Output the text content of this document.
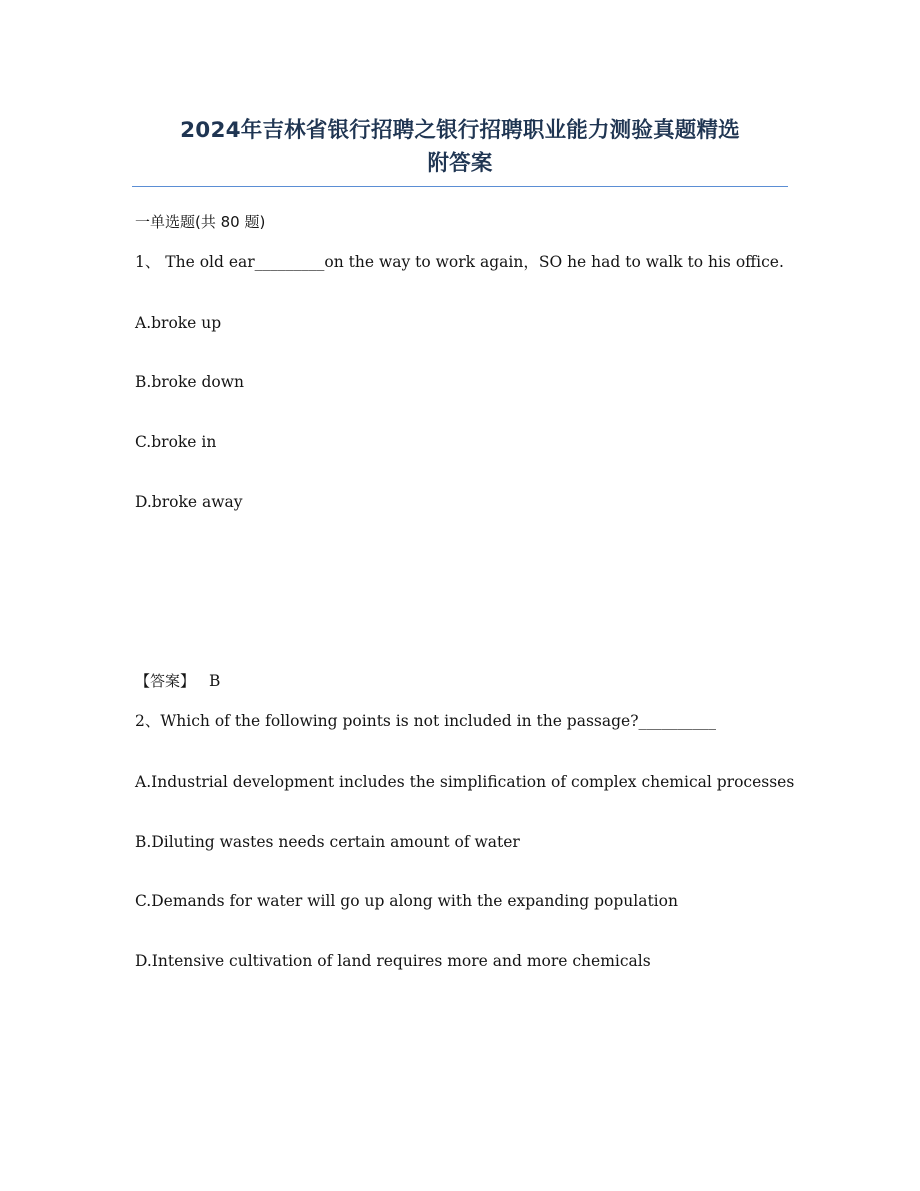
2024年吉林省银行招聘之银行招聘职业能力测验真题精选
附答案
一单选题(共 80 题)
1、 The old ear_________on the way to work again，SO he had to walk to his office.
A.broke up
B.broke down
C.broke in
D.broke away
【答案】 B
2、Which of the following points is not included in the passage?__________
A.Industrial development includes the simplification of complex chemical processes
B.Diluting wastes needs certain amount of water
C.Demands for water will go up along with the expanding population
D.Intensive cultivation of land requires more and more chemicals
